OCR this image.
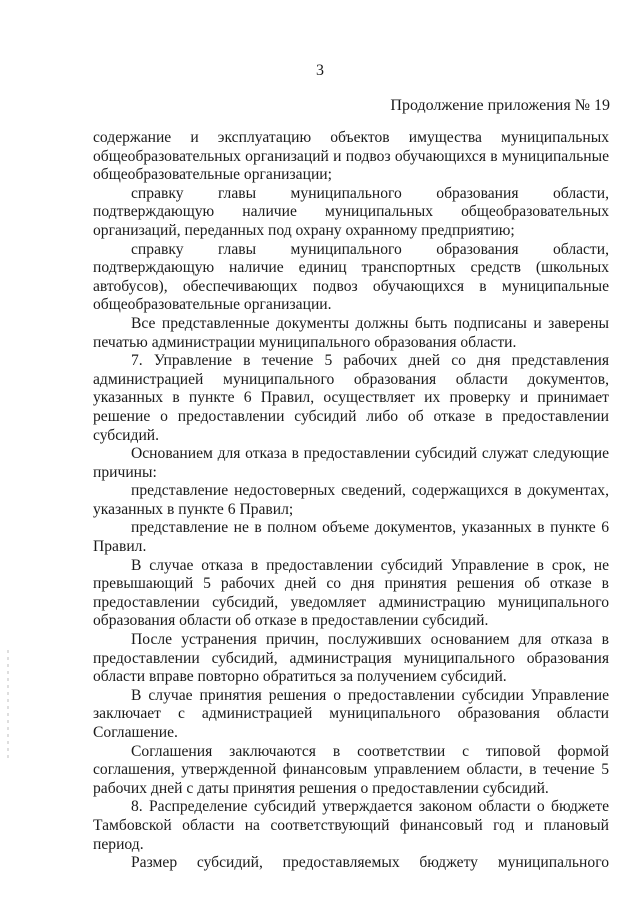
3
Продолжение приложения № 19

содержание и эксплуатацию объектов имущества муниципальных общеобразовательных организаций и подвоз обучающихся в муниципальные общеобразовательные организации;

справку главы муниципального образования области, подтверждающую наличие муниципальных общеобразовательных организаций, переданных под охрану охранному предприятию;

справку главы муниципального образования области, подтверждающую наличие единиц транспортных средств (школьных автобусов), обеспечивающих подвоз обучающихся в муниципальные общеобразовательные организации.

Все представленные документы должны быть подписаны и заверены печатью администрации муниципального образования области.

7. Управление в течение 5 рабочих дней со дня представления администрацией муниципального образования области документов, указанных в пункте 6 Правил, осуществляет их проверку и принимает решение о предоставлении субсидий либо об отказе в предоставлении субсидий.

Основанием для отказа в предоставлении субсидий служат следующие причины:

представление недостоверных сведений, содержащихся в документах, указанных в пункте 6 Правил;

представление не в полном объеме документов, указанных в пункте 6 Правил.

В случае отказа в предоставлении субсидий Управление в срок, не превышающий 5 рабочих дней со дня принятия решения об отказе в предоставлении субсидий, уведомляет администрацию муниципального образования области об отказе в предоставлении субсидий.

После устранения причин, послуживших основанием для отказа в предоставлении субсидий, администрация муниципального образования области вправе повторно обратиться за получением субсидий.

В случае принятия решения о предоставлении субсидии Управление заключает с администрацией муниципального образования области Соглашение.

Соглашения заключаются в соответствии с типовой формой соглашения, утвержденной финансовым управлением области, в течение 5 рабочих дней с даты принятия решения о предоставлении субсидий.

8. Распределение субсидий утверждается законом области о бюджете Тамбовской области на соответствующий финансовый год и плановый период.

Размер субсидий, предоставляемых бюджету муниципального
